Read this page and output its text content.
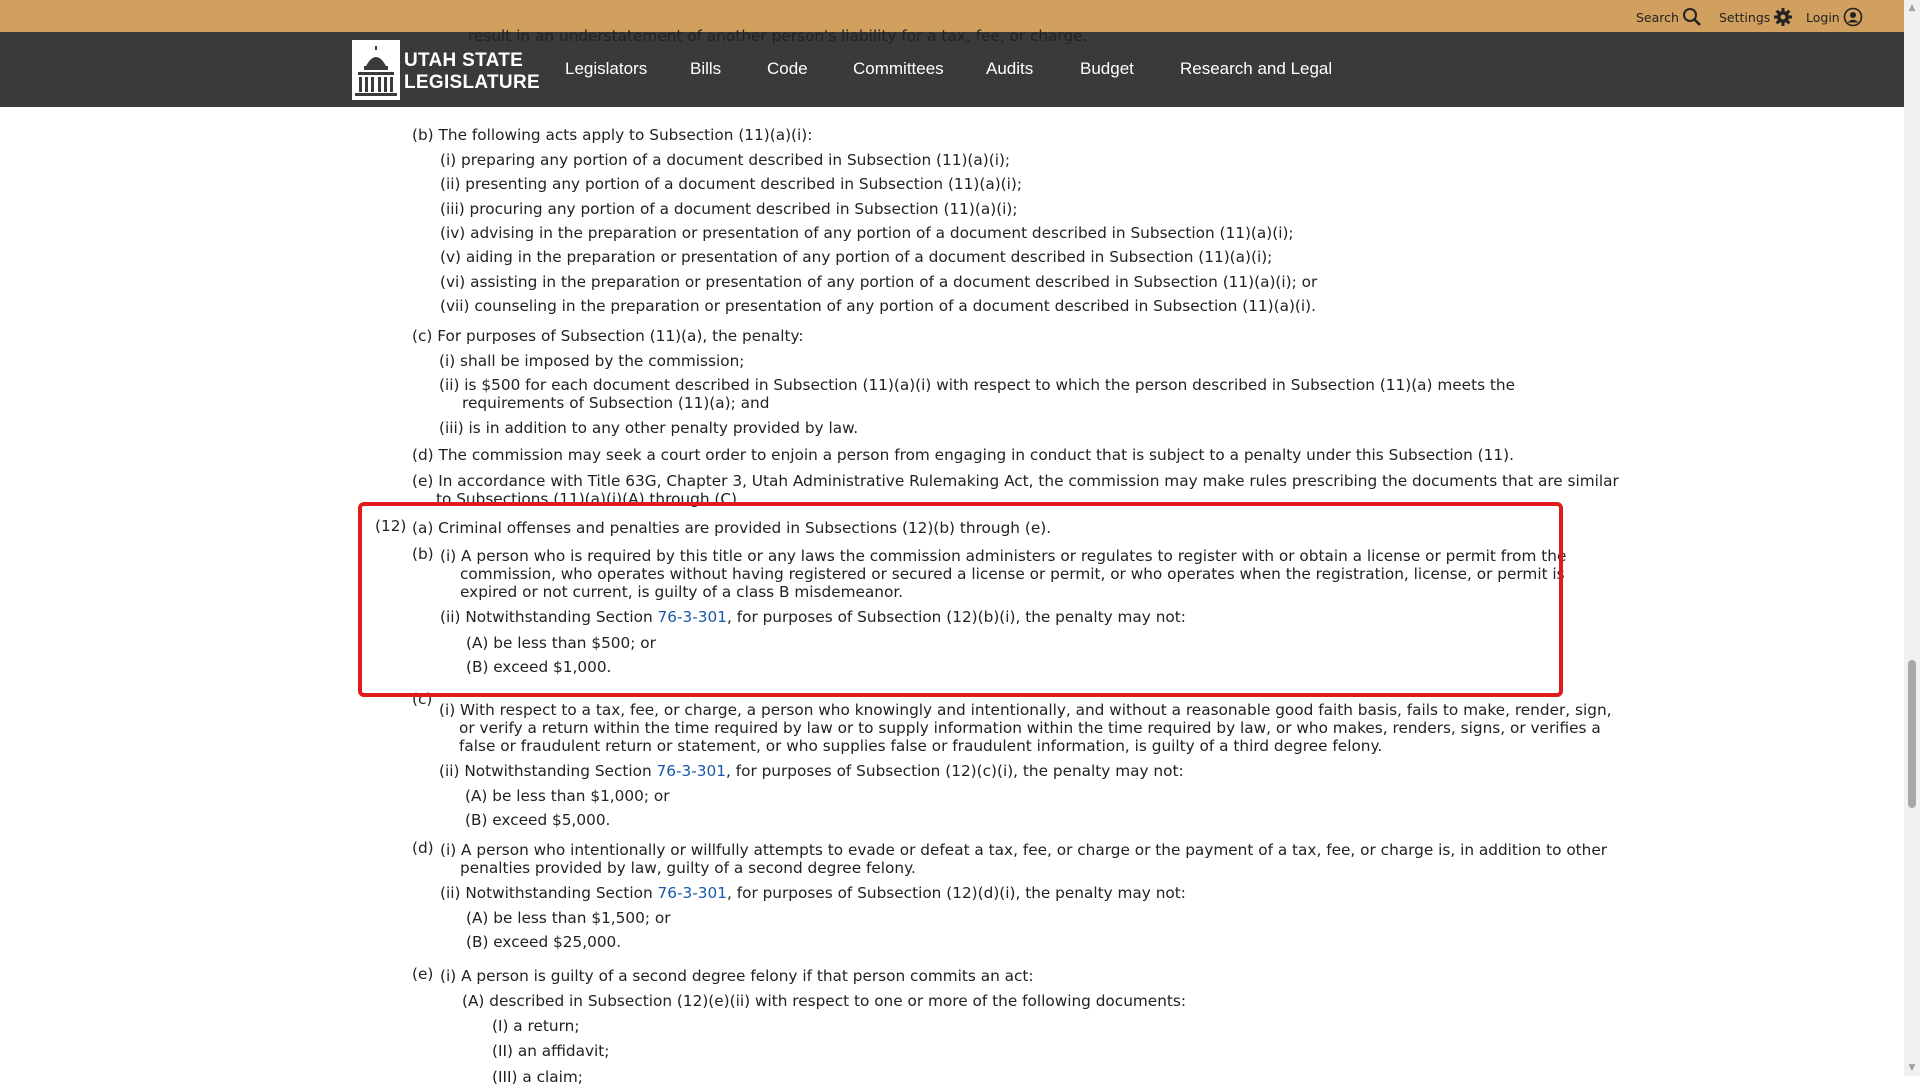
Search	Settings	Login
UTAH STATE
LEGISLATURE
Legislators	Bills	Code	Committees Audits	Budget	Research and Legal
result in an understatement of another person's liability for a tax, fee, or charge.
(b) The following acts apply to Subsection (11)(a)(i):
(i) preparing any portion of a document described in Subsection (11)(a)(i);
(ii) presenting any portion of a document described in Subsection (11)(a)(i);
(iii) procuring any portion of a document described in Subsection (11)(a)(i);
(iv) advising in the preparation or presentation of any portion of a document described in Subsection (11)(a)(i);
(v) aiding in the preparation or presentation of any portion of a document described in Subsection (11)(a)(i);
(vi) assisting in the preparation or presentation of any portion of a document described in Subsection (11)(a)(i); or
(vii) counseling in the preparation or presentation of any portion of a document described in Subsection (11)(a)(i).
(c) For purposes of Subsection (11)(a), the penalty:
(i) shall be imposed by the commission;
(ii) is $500 for each document described in Subsection (11)(a)(i) with respect to which the person described in Subsection (11)(a) meets the
requirements of Subsection (11)(a); and
(iii) is in addition to any other penalty provided by law.
(d) The commission may seek a court order to enjoin a person from engaging in conduct that is subject to a penalty under this Subsection (11).
(e) In accordance with Title 63G, Chapter 3, Utah Administrative Rulemaking Act, the commission may make rules prescribing the documents that are similar
to Subsections (11)(a)(i)(A) through (C).
(12) (a) Criminal offenses and penalties are provided in Subsections (12)(b) through (e).
(b) (i) A person who is required by this title or any laws the commission administers or regulates to register with or obtain a license or permit from the
commission, who operates without having registered or secured a license or permit, or who operates when the registration, license, or permit is
expired or not current, is guilty of a class B misdemeanor.
(ii) Notwithstanding Section 76-3-301, for purposes of Subsection (12)(b)(i), the penalty may not:
(A) be less than $500; or
(B) exceed $1,000.
(c)
(i) With respect to a tax, fee, or charge, a person who knowingly and intentionally, and without a reasonable good faith basis, fails to make, render, sign,
or verify a return within the time required by law or to supply information within the time required by law, or who makes, renders, signs, or verifies a
false or fraudulent return or statement, or who supplies false or fraudulent information, is guilty of a third degree felony.
(ii) Notwithstanding Section 76-3-301, for purposes of Subsection (12)(c)(i), the penalty may not:
(A) be less than $1,000; or
(B) exceed $5,000.
(d) (i) A person who intentionally or willfully attempts to evade or defeat a tax, fee, or charge or the payment of a tax, fee, or charge is, in addition to other
penalties provided by law, guilty of a second degree felony.
(ii) Notwithstanding Section 76-3-301, for purposes of Subsection (12)(d)(i), the penalty may not:
(A) be less than $1,500; or
(B) exceed $25,000.
(e) (i) A person is guilty of a second degree felony if that person commits an act:
(A) described in Subsection (12)(e)(ii) with respect to one or more of the following documents:
(I) a return;
(II) an affidavit;
(III) a claim;
▲
▼
